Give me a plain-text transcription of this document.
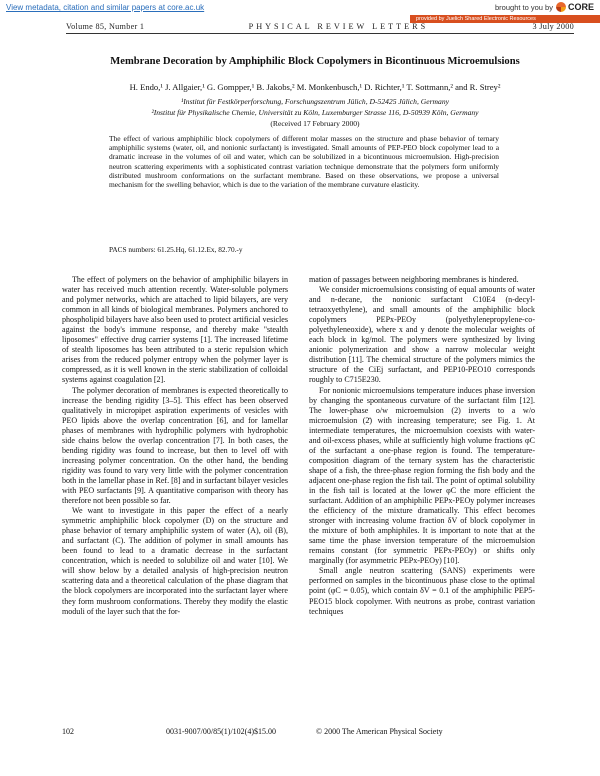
View metadata, citation and similar papers at core.ac.uk	brought to you by CORE
provided by Juelich Shared Electronic Resources
Volume 85, Number 1	PHYSICAL REVIEW LETTERS	3 July 2000
Membrane Decoration by Amphiphilic Block Copolymers in Bicontinuous Microemulsions
H. Endo,¹ J. Allgaier,¹ G. Gompper,¹ B. Jakobs,² M. Monkenbusch,¹ D. Richter,¹ T. Sottmann,² and R. Strey²
¹Institut für Festkörperforschung, Forschungszentrum Jülich, D-52425 Jülich, Germany
²Institut für Physikalische Chemie, Universität zu Köln, Luxemburger Strasse 116, D-50939 Köln, Germany
(Received 17 February 2000)
The effect of various amphiphilic block copolymers of different molar masses on the structure and phase behavior of ternary amphiphilic systems (water, oil, and nonionic surfactant) is investigated. Small amounts of PEP-PEO block copolymer lead to a dramatic increase in the volumes of oil and water, which can be solubilized in a bicontinuous microemulsion. High-precision neutron scattering experiments with a sophisticated contrast variation technique demonstrate that the polymers form uniformly distributed mushroom conformations on the surfactant membrane. Based on these observations, we propose a universal mechanism for the swelling behavior, which is due to the variation of the membrane curvature elasticity.
PACS numbers: 61.25.Hq, 61.12.Ex, 82.70.-y

The effect of polymers on the behavior of amphiphilic bilayers in water has received much attention recently. Water-soluble polymers and polymer networks, which are attached to lipid bilayers, are very common in all kinds of biological membranes. Polymers anchored to phospholipid bilayers have also been used to protect artificial vesicles against the body's immune response, and thereby make "stealth liposomes" effective drug carrier systems [1]. The increased lifetime of stealth liposomes has been attributed to a steric repulsion which arises from the reduced polymer entropy when the polymer layer is compressed, as it is well known in the steric stabilization of colloidal systems against coagulation [2].

The polymer decoration of membranes is expected theoretically to increase the bending rigidity [3–5]. This effect has been observed qualitatively in micropipet aspiration experiments of vesicles with PEO lipids above the overlap concentration [6], and for lamellar phases of membranes with hydrophilic polymers with hydrophobic side chains below the overlap concentration [7]. In both cases, the bending rigidity was found to increase, but then to level off with increasing polymer concentration. On the other hand, the bending rigidity was found to vary very little with the polymer concentration both in the lamellar phase in Ref. [8] and in surfactant bilayer vesicles with PEO surfactants [9]. A quantitative comparison with theory has therefore not been possible so far.

We want to investigate in this paper the effect of a nearly symmetric amphiphilic block copolymer (D) on the structure and phase behavior of ternary amphiphilic system of water (A), oil (B), and surfactant (C). The addition of polymer in small amounts has been found to lead to a dramatic decrease in the surfactant concentration, which is needed to solubilize oil and water [10]. We will show below by a detailed analysis of high-precision neutron scattering data and a theoretical calculation of the phase diagram that the block copolymers are incorporated into the surfactant layer where they form mushroom conformations. Thereby they modify the elastic moduli of the layer such that the for-

mation of passages between neighboring membranes is hindered.

We consider microemulsions consisting of equal amounts of water and n-decane, the nonionic surfactant C10E4 (n-decyl-tetraoxyethylene), and small amounts of the amphiphilic block copolymers PEPx-PEOy (polyethylenepropylene-co-polyethyleneoxide), where x and y denote the molecular weights of each block in kg/mol. The polymers were synthesized by living anionic polymerization and show a narrow molecular weight distribution [11]. The chemical structure of the polymers mimics the structure of the CiEj surfactant, and PEP10-PEO10 corresponds roughly to C715E230.

For nonionic microemulsions temperature induces phase inversion by changing the spontaneous curvature of the surfactant film [12]. The lower-phase o/w microemulsion (2) inverts to a w/o microemulsion (2̄) with increasing temperature; see Fig. 1. At intermediate temperatures, the microemulsion coexists with water- and oil-excess phases, while at sufficiently high volume fractions φC of the surfactant a one-phase region is found. The temperature-composition diagram of the ternary system has the characteristic shape of a fish, the three-phase region forming the fish body and the adjacent one-phase region the fish tail. The point of optimal solubility in the fish tail is located at the lower φC the more efficient the surfactant. Addition of an amphiphilic PEPx-PEOy polymer increases the efficiency of the mixture dramatically. This effect becomes stronger with increasing volume fraction δV of block copolymer in the mixture of both amphiphiles. It is important to note that at the same time the phase inversion temperature of the microemulsion remains constant (for symmetric PEPx-PEOy) or shifts only marginally (for asymmetric PEPx-PEOy) [10].

Small angle neutron scattering (SANS) experiments were performed on samples in the bicontinuous phase close to the optimal point (φC = 0.05), which contain δV = 0.1 of the amphiphilic PEP5-PEO15 block copolymer. With neutrons as probe, contrast variation techniques

102	0031-9007/00/85(1)/102(4)$15.00	© 2000 The American Physical Society
